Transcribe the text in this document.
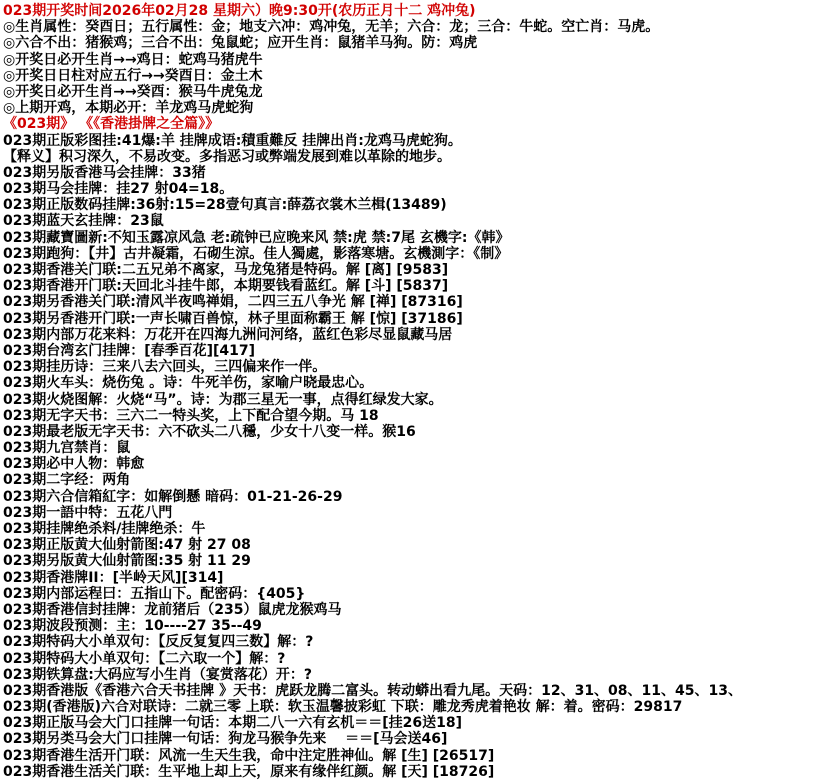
023期开奖时间2026年02月28 星期六）晚9:30开(农历正月十二 鸡冲兔)
◎生肖属性：癸酉日；五行属性：金；地支六冲：鸡冲兔，无羊；六合：龙；三合：牛蛇。空亡肖：马虎。
◎六合不出：猪猴鸡；三合不出：兔鼠蛇；应开生肖：鼠猪羊马狗。防：鸡虎
◎开奖日必开生肖→→鸡日：蛇鸡马猪虎牛
◎开奖日日柱对应五行→→癸酉日：金土木
◎开奖日必开生肖→→癸酉：猴马牛虎兔龙
◎上期开鸡，本期必开：羊龙鸡马虎蛇狗
《023期》 《《香港掛牌之全篇》》
023期正版彩图挂:41爆:羊 挂牌成语:積重難反 挂牌出肖:龙鸡马虎蛇狗。
【释义】积习深久，不易改变。多指恶习或弊端发展到难以革除的地步。
023期另版香港马会挂牌：33猪
023期马会挂牌：挂27 射04=18。
023期正版数码挂牌:36射:15=28壹句真言:薛荔衣裳木兰楫(13489)
023期蓝天玄挂牌：23鼠
023期藏寶圖新:不知玉露凉风急 老:疏钟已应晚来风 禁:虎 禁:7尾 玄機字:《韩》
023期跑狗：【井】古井凝霜，石砌生涼。佳人獨處，影落寒塘。玄機測字：《制》
023期香港关门联:二五兄弟不离家，马龙兔猪是特码。解 [离] [9583]
023期香港开门联:天回北斗挂牛郎，本期要钱看蓝红。解 [斗] [5837]
023期另香港关门联:清风半夜鸣禅娟，二四三五八争光 解 [禅] [87316]
023期另香港开门联:一声长啸百兽惊，林子里面称霸王 解 [惊] [37186]
023期内部万花来料：万花开在四海九洲问河络，蓝红色彩尽显鼠藏马居
023期台湾玄门挂牌：[春季百花][417]
023期挂历诗：三来八去六回头，三四偏来作一伴。
023期火车头：烧伤兔 。诗：牛死羊伤，家喻户晓最忠心。
023期火烧图解：火烧“马”。诗：为郡三星无一事，点得红绿发大家。
023期无字天书：三六二一特头奖，上下配合望今期。马 18
023期最老版无字天书：六不砍头二八穩，少女十八变一样。猴16
023期九宫禁肖：鼠
023期必中人物：韩愈
023期二字经：两角
023期六合信箱紅字：如解倒懸 暗码：01-21-26-29
023期一語中特：五花八門
023期挂牌绝杀料/挂牌绝杀：牛
023期正版黄大仙射箭图:47 射 27 08
023期另版黄大仙射箭图:35 射 11 29
023期香港牌II：[半岭天风][314]
023期内部运程曰：五指山下。配密码：{405}
023期香港信封挂牌：龙前猪后（235）鼠虎龙猴鸡马
023期波段预测：主：10----27 35--49
023期特码大小单双句：【反反复复四三数】解：?
023期特码大小单双句：【二六取一个】解：?
023期铁算盘:大码应写小生肖（宴赏落花）开：?
023期香港版《香港六合天书挂牌 》天书：虎跃龙腾二富头。转动蟒出看九尾。天码：12、31、08、11、45、13、
023期(香港版)六合对联诗：二就三零 上联：软玉温馨披彩虹 下联：雕龙秀虎着艳妆 解：着。密码：29817
023期正版马会大门口挂牌一句话：本期二八一六有玄机＝＝[挂26送18]
023期另类马会大门口挂牌一句话：狗龙马猴争先来　 ＝＝[马会送46]
023期香港生活开门联：风流一生天生我，命中注定胜神仙。解 [生] [26517]
023期香港生活关门联：生平地上却上天，原来有缘伴红颜。解 [天] [18726]
